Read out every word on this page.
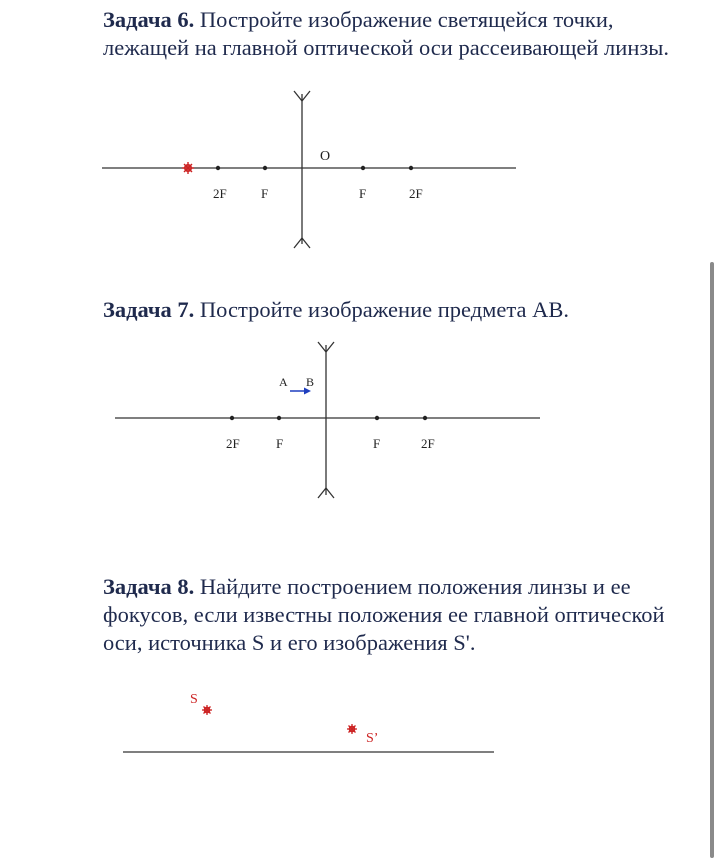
Задача 6. Постройте изображение светящейся точки, лежащей на главной оптической оси рассеивающей линзы.
O
2F	F	F	2F
Задача 7. Постройте изображение предмета АВ.
A B
2F	F	F	2F
Задача 8. Найдите построением положения линзы и ее фокусов, если известны положения ее главной оптической оси, источника S и его изображения S'.
S
S’
